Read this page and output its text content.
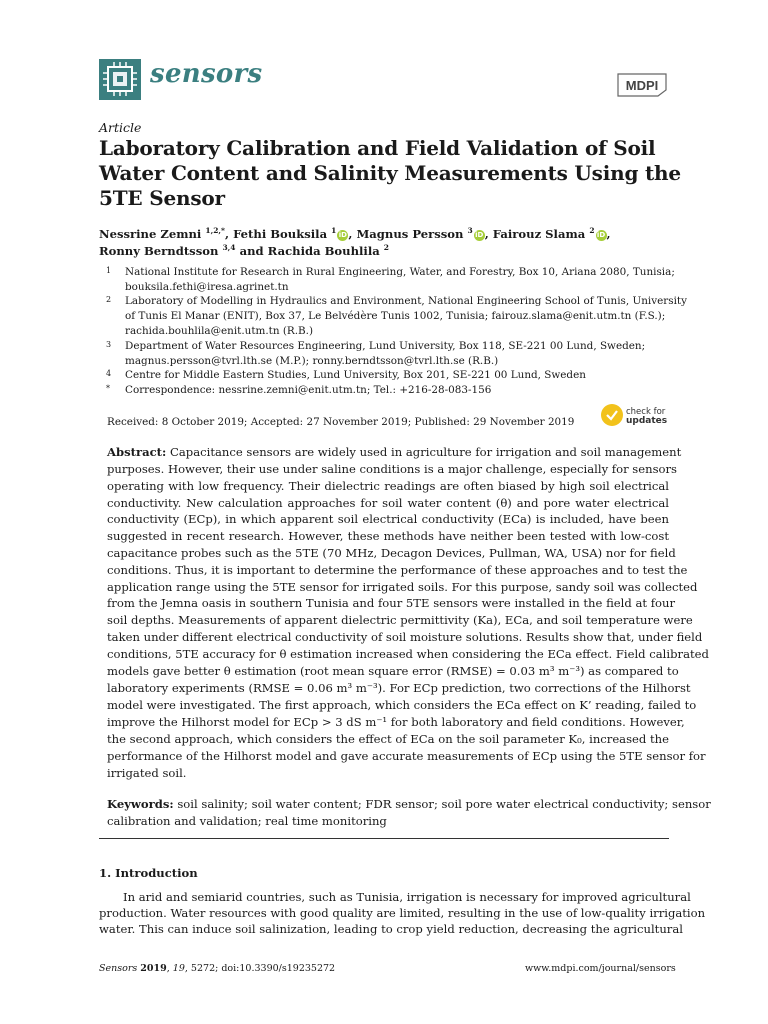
sensors	MDPI
Article
Laboratory Calibration and Field Validation of Soil
Water Content and Salinity Measurements Using the
5TE Sensor
Nessrine Zemni $^{1,2,*}$, Fethi Bouksila $^1$ iD, Magnus Persson $^3$ iD, Fairouz Slama $^2$ iD,
Ronny Berndtsson $^{3,4}$ and Rachida Bouhlila $^2$
1 National Institute for Research in Rural Engineering, Water, and Forestry, Box 10, Ariana 2080, Tunisia;
bouksila.fethi@iresa.agrinet.tn
2 Laboratory of Modelling in Hydraulics and Environment, National Engineering School of Tunis, University
of Tunis El Manar (ENIT), Box 37, Le Belvédère Tunis 1002, Tunisia; fairouz.slama@enit.utm.tn (F.S.);
rachida.bouhlila@enit.utm.tn (R.B.)
3 Department of Water Resources Engineering, Lund University, Box 118, SE-221 00 Lund, Sweden;
magnus.persson@tvrl.lth.se (M.P.); ronny.berndtsson@tvrl.lth.se (R.B.)
4 Centre for Middle Eastern Studies, Lund University, Box 201, SE-221 00 Lund, Sweden
* Correspondence: nessrine.zemni@enit.utm.tn; Tel.: +216-28-083-156
Received: 8 October 2019; Accepted: 27 November 2019; Published: 29 November 2019
check for
updates
Abstract: Capacitance sensors are widely used in agriculture for irrigation and soil management
purposes. However, their use under saline conditions is a major challenge, especially for sensors
operating with low frequency. Their dielectric readings are often biased by high soil electrical
conductivity. New calculation approaches for soil water content (θ) and pore water electrical
conductivity (ECp), in which apparent soil electrical conductivity (ECa) is included, have been
suggested in recent research. However, these methods have neither been tested with low-cost
capacitance probes such as the 5TE (70 MHz, Decagon Devices, Pullman, WA, USA) nor for field
conditions. Thus, it is important to determine the performance of these approaches and to test the
application range using the 5TE sensor for irrigated soils. For this purpose, sandy soil was collected
from the Jemna oasis in southern Tunisia and four 5TE sensors were installed in the field at four
soil depths. Measurements of apparent dielectric permittivity (Ka), ECa, and soil temperature were
taken under different electrical conductivity of soil moisture solutions. Results show that, under field
conditions, 5TE accuracy for θ estimation increased when considering the ECa effect. Field calibrated
models gave better θ estimation (root mean square error (RMSE) = 0.03 m³ m⁻³) as compared to
laboratory experiments (RMSE = 0.06 m³ m⁻³). For ECp prediction, two corrections of the Hilhorst
model were investigated. The first approach, which considers the ECa effect on K’ reading, failed to
improve the Hilhorst model for ECp > 3 dS m⁻¹ for both laboratory and field conditions. However,
the second approach, which considers the effect of ECa on the soil parameter K₀, increased the
performance of the Hilhorst model and gave accurate measurements of ECp using the 5TE sensor for
irrigated soil.
Keywords: soil salinity; soil water content; FDR sensor; soil pore water electrical conductivity; sensor
calibration and validation; real time monitoring
1. Introduction
In arid and semiarid countries, such as Tunisia, irrigation is necessary for improved agricultural
production. Water resources with good quality are limited, resulting in the use of low-quality irrigation
water. This can induce soil salinization, leading to crop yield reduction, decreasing the agricultural
Sensors 2019, 19, 5272; doi:10.3390/s19235272	www.mdpi.com/journal/sensors
